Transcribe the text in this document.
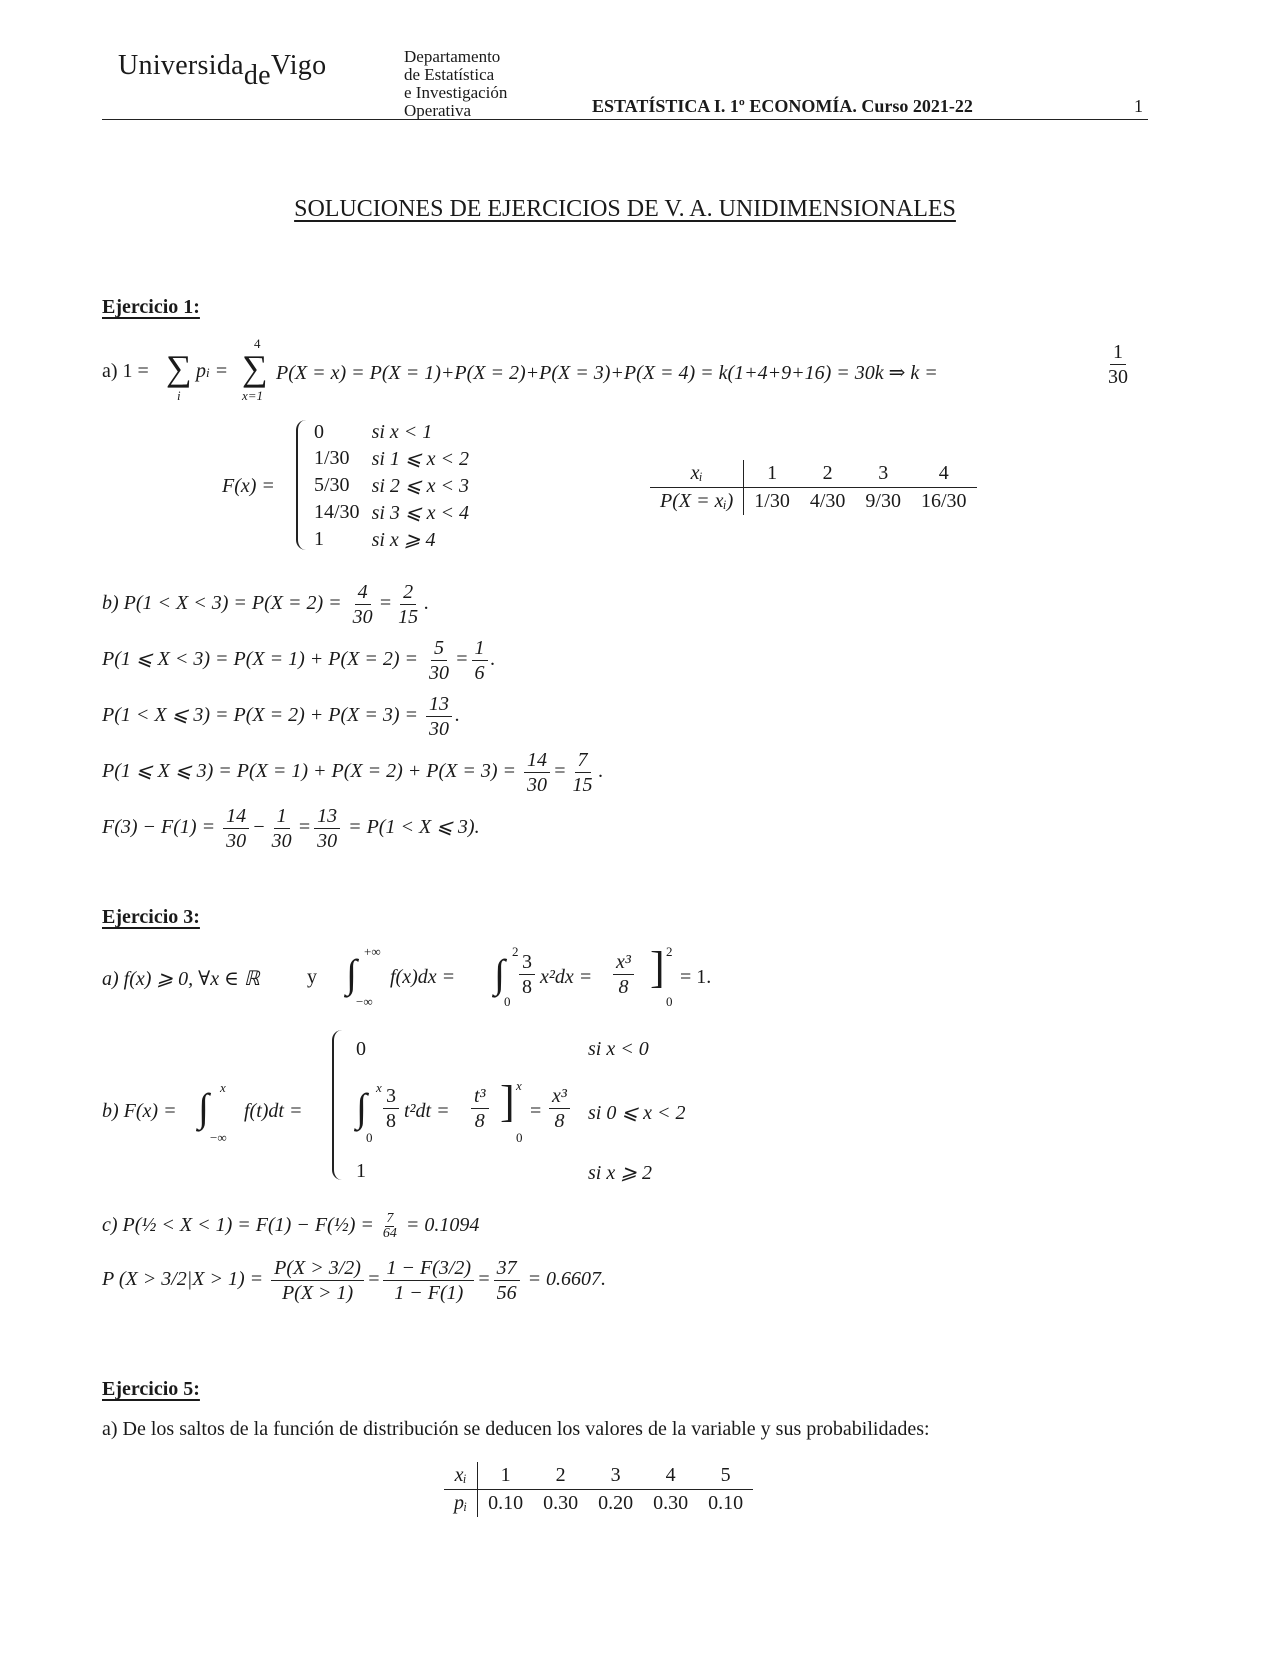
UniversidadeVigo	Departamento
de Estatística
e Investigación
Operativa	ESTATÍSTICA I. 1º ECONOMÍA. Curso 2021-22	1
SOLUCIONES DE EJERCICIOS DE V. A. UNIDIMENSIONALES
Ejercicio 1:
a) 1 = ∑
i
pi =
4
∑
x=1
P(X = x) = P(X = 1)+P(X = 2)+P(X = 3)+P(X = 4) = k(1+4+9+16) = 30k ⇒ k =	$\frac{1}{30}$
F(x) =
0	si x < 1
1/30	si 1 ⩽ x < 2
5/30	si 2 ⩽ x < 3
14/30	si 3 ⩽ x < 4
1	si x ⩾ 4
xᵢ	1	2	3	4
P(X = xᵢ)	1/30	4/30	9/30	16/30
b) $P(1 < X < 3) = P(X = 2) = \frac{4}{30} = \frac{2}{15}$ .
P(1 ⩽ $X < 3) = P(X = 1) + P(X = 2) = \frac{5}{30} = \frac{1}{6}$ .
P(1 < X ⩽ $3) = P(X = 2) + P(X = 3) = \frac{13}{30}$ .
P(1 ⩽ X ⩽ $3) = P(X = 1) + P(X = 2) + P(X = 3) = \frac{14}{30} = \frac{7}{15}$ .
$F(3) - F(1) = \frac{14}{30} - \frac{1}{30} = \frac{13}{30} = P(1 < X$ ⩽ 3).
Ejercicio 3:
a) f(x) ⩾ 0, ∀x ∈ ℝ y ∫ +∞
−∞
f(x)dx = ∫ 2
0
$\frac{3}{8} x^2dx = \frac{\text{x³}}{8}$ ] 2
0
= 1.
b) F(x) = ∫ x
−∞
f(t)dt =
0	si x < 0
∫ x
0
$\frac{3}{8} t^2dt = \frac{\text{t³}}{8}$ ] x
0
= $\frac{\text{x³}}{8}$ si 0 ⩽ x < 2
1	si x ⩾ 2
c) P(½ < X < 1) = F(1) − F(½) = $\frac{7}{64} = 0.1094$
P $(X > 3/2|X > 1) = \frac{P(X > 3/2)}{P(X > 1)} = \frac{1 - F(3/2)}{1 - F(1)} = \frac{37}{56} = 0.6607$.
Ejercicio 5:
a) De los saltos de la función de distribución se deducen los valores de la variable y sus probabilidades:
xᵢ	1	2	3	4	5
pᵢ	0.10	0.30	0.20	0.30	0.10
